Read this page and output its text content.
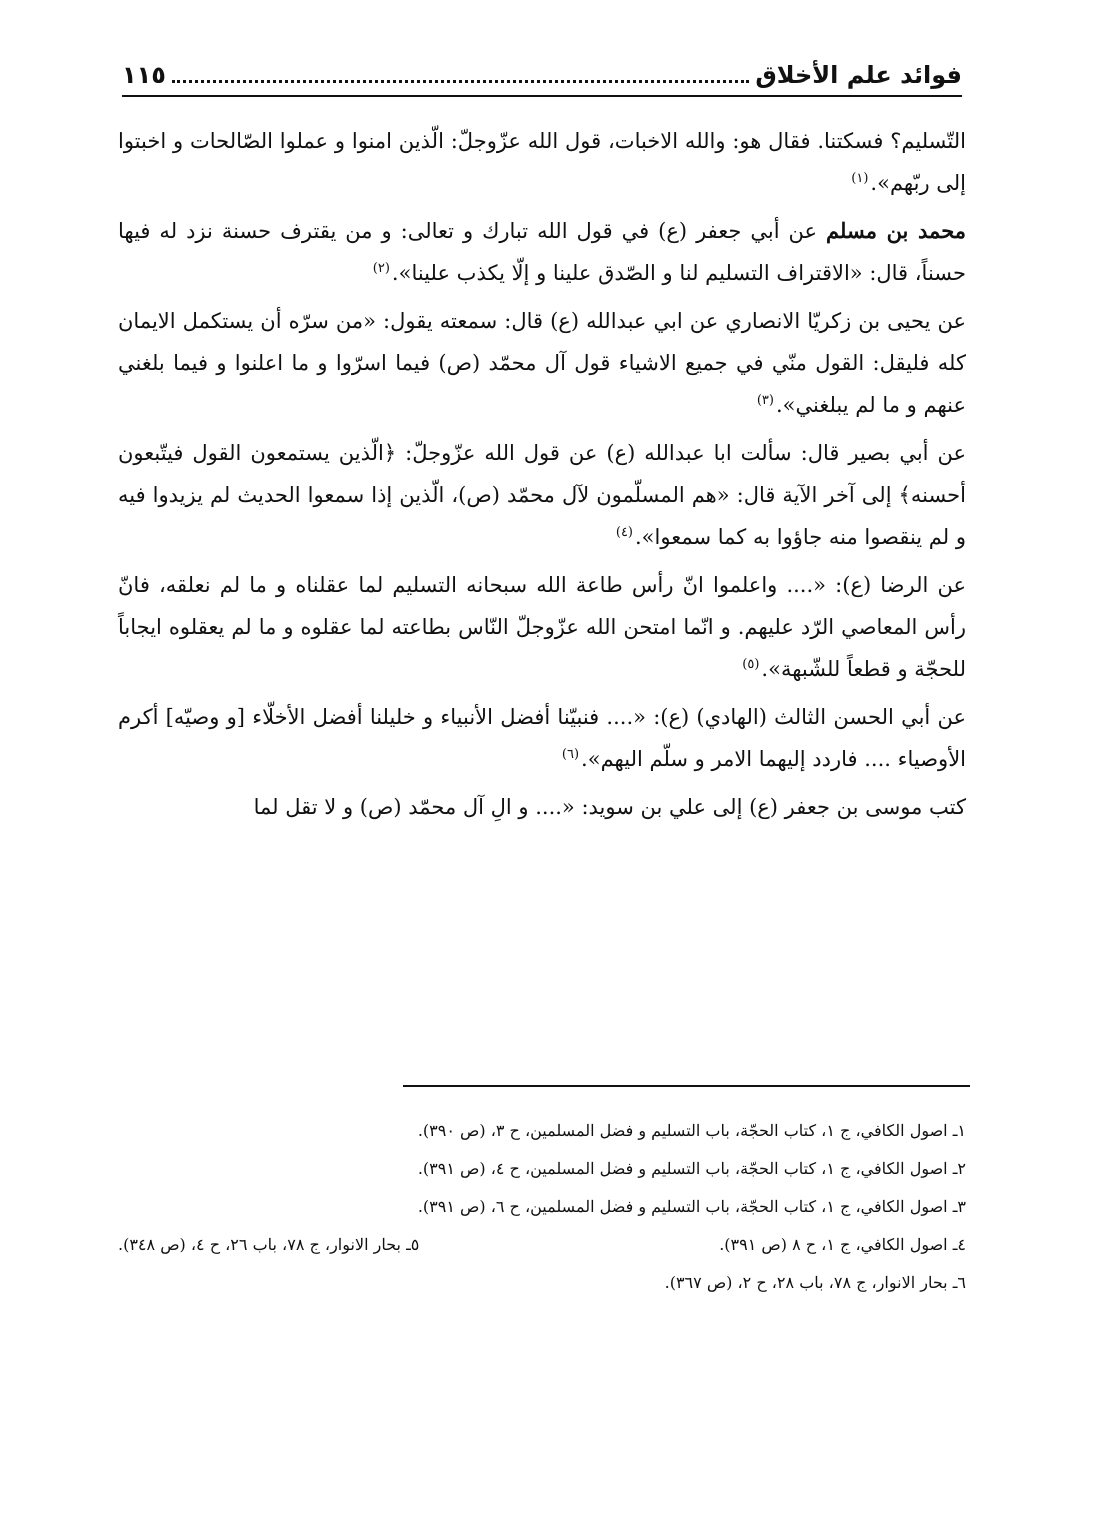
فوائد علم الأخلاق
١١٥

التّسليم؟ فسكتنا. فقال هو: والله الاخبات، قول الله عزّوجلّ: الّذين امنوا و عملوا الصّالحات و اخبتوا إلى ربّهم».$^{(١)}$

محمد بن مسلم عن أبي جعفر (ع) في قول الله تبارك و تعالى: و من يقترف حسنة نزد له فيها حسناً، قال: «الاقتراف التسليم لنا و الصّدق علينا و إلّا يكذب علينا».$^{(٢)}$

عن يحيى بن زكريّا الانصاري عن ابي عبدالله (ع) قال: سمعته يقول: «من سرّه أن يستكمل الايمان كله فليقل: القول منّي في جميع الاشياء قول آل محمّد (ص) فيما اسرّوا و ما اعلنوا و فيما بلغني عنهم و ما لم يبلغني».$^{(٣)}$

عن أبي بصير قال: سألت ابا عبدالله (ع) عن قول الله عزّوجلّ: ﴿الّذين يستمعون القول فيتّبعون أحسنه﴾ إلى آخر الآية قال: «هم المسلّمون لآل محمّد (ص)، الّذين إذا سمعوا الحديث لم يزيدوا فيه و لم ينقصوا منه جاؤوا به كما سمعوا».$^{(٤)}$

عن الرضا (ع): «.... واعلموا انّ رأس طاعة الله سبحانه التسليم لما عقلناه و ما لم نعلقه، فانّ رأس المعاصي الرّد عليهم. و انّما امتحن الله عزّوجلّ النّاس بطاعته لما عقلوه و ما لم يعقلوه ايجاباً للحجّة و قطعاً للشّبهة».$^{(٥)}$

عن أبي الحسن الثالث (الهادي) (ع): «.... فنبيّنا أفضل الأنبياء و خليلنا أفضل الأخلّاء [و وصيّه] أكرم الأوصياء .... فاردد إليهما الامر و سلّم اليهم».$^{(٦)}$

كتب موسى بن جعفر (ع) إلى علي بن سويد: «.... و الِ آل محمّد (ص) و لا تقل لما

١ـ اصول الكافي، ج ١، كتاب الحجّة، باب التسليم و فضل المسلمين، ح ٣، (ص ٣٩٠).
٢ـ اصول الكافي، ج ١، كتاب الحجّة، باب التسليم و فضل المسلمين، ح ٤، (ص ٣٩١).
٣ـ اصول الكافي، ج ١، كتاب الحجّة، باب التسليم و فضل المسلمين، ح ٦، (ص ٣٩١).
٤ـ اصول الكافي، ج ١، ح ٨ (ص ٣٩١).
٥ـ بحار الانوار، ج ٧٨، باب ٢٦، ح ٤، (ص ٣٤٨).
٦ـ بحار الانوار، ج ٧٨، باب ٢٨، ح ٢، (ص ٣٦٧).
